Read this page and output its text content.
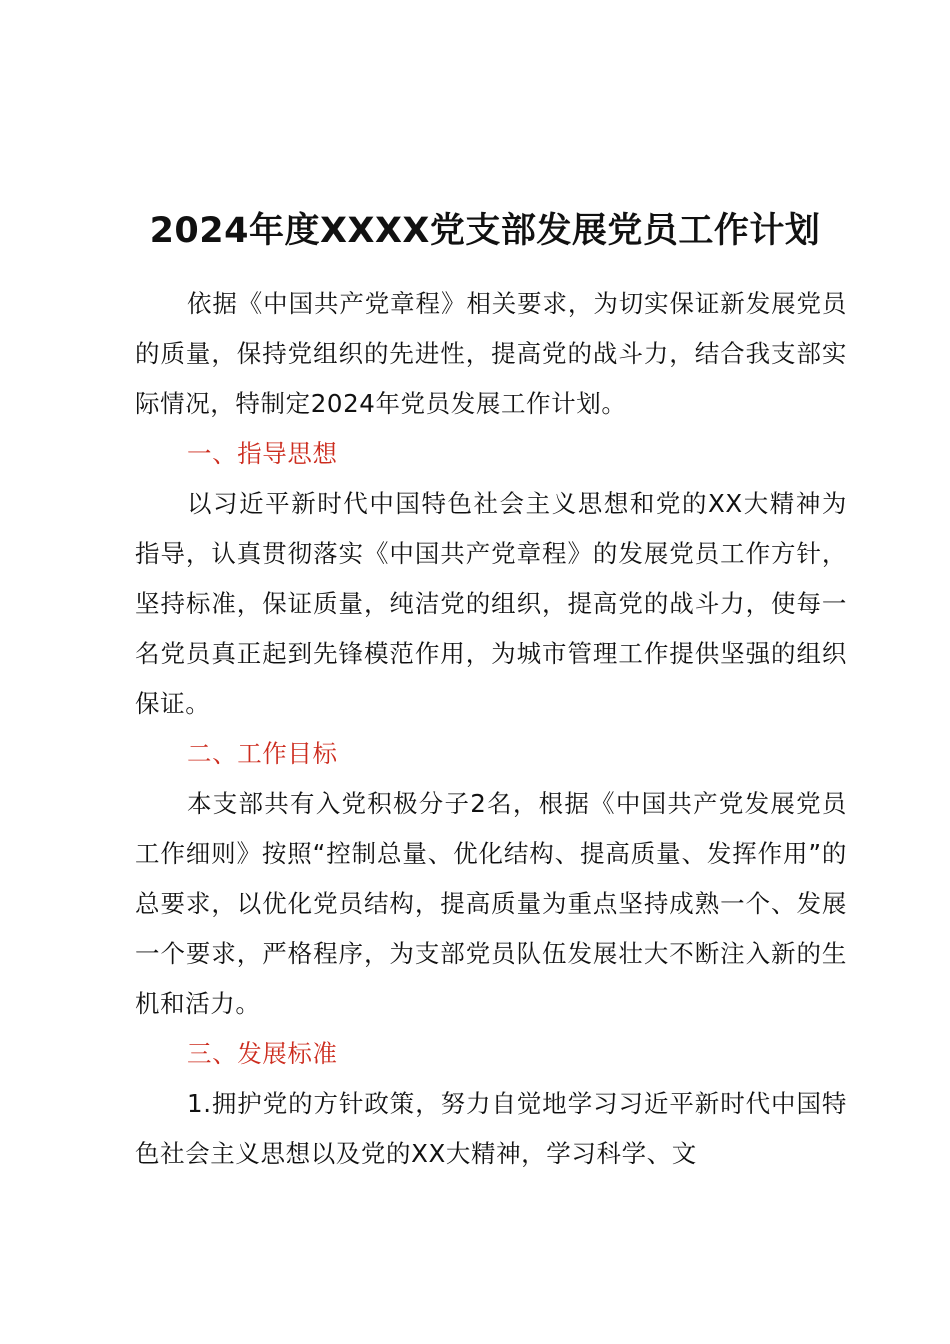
2024年度XXXX党支部发展党员工作计划

依据《中国共产党章程》相关要求，为切实保证新发展党员的质量，保持党组织的先进性，提高党的战斗力，结合我支部实际情况，特制定2024年党员发展工作计划。

一、指导思想

以习近平新时代中国特色社会主义思想和党的XX大精神为指导，认真贯彻落实《中国共产党章程》的发展党员工作方针，坚持标准，保证质量，纯洁党的组织，提高党的战斗力，使每一名党员真正起到先锋模范作用，为城市管理工作提供坚强的组织保证。

二、工作目标

本支部共有入党积极分子2名，根据《中国共产党发展党员工作细则》按照“控制总量、优化结构、提高质量、发挥作用”的总要求，以优化党员结构，提高质量为重点坚持成熟一个、发展一个要求，严格程序，为支部党员队伍发展壮大不断注入新的生机和活力。

三、发展标准

1.拥护党的方针政策，努力自觉地学习习近平新时代中国特色社会主义思想以及党的XX大精神，学习科学、文
